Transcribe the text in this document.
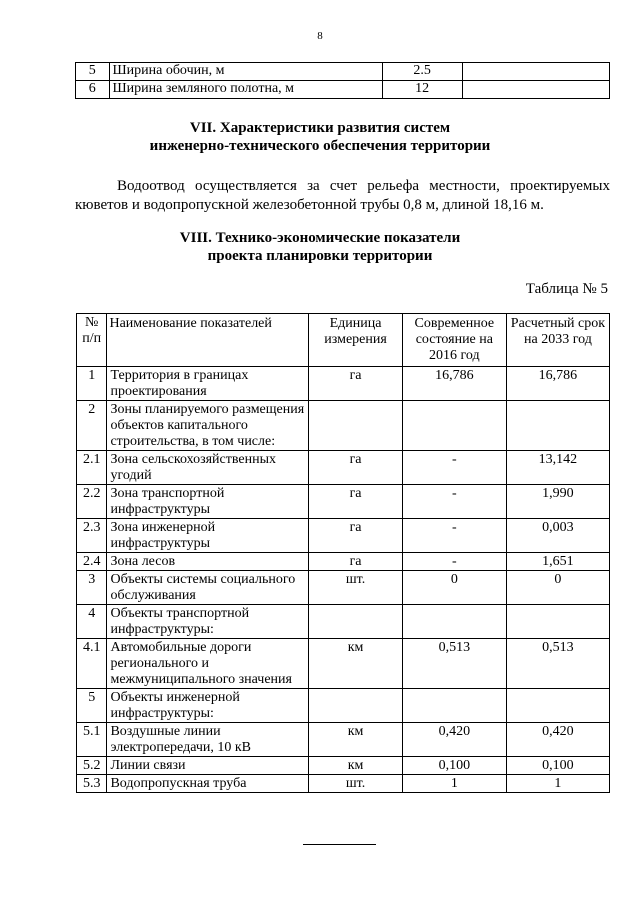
8
5	Ширина обочин, м	2.5	
6	Ширина земляного полотна, м	12	
VII. Характеристики развития систем
инженерно-технического обеспечения территории
Водоотвод осуществляется за счет рельефа местности, проектируемых кюветов и водопропускной железобетонной трубы 0,8 м, длиной 18,16 м.
VIII. Технико-экономические показатели
проекта планировки территории
Таблица № 5
№ п/п	Наименование показателей	Единица измерения	Современное состояние на 2016 год	Расчетный срок на 2033 год
1	Территория в границах проектирования	га	16,786	16,786
2	Зоны планируемого размещения объектов капитального строительства, в том числе:			
2.1	Зона сельскохозяйственных угодий	га	-	13,142
2.2	Зона транспортной инфраструктуры	га	-	1,990
2.3	Зона инженерной инфраструктуры	га	-	0,003
2.4	Зона лесов	га	-	1,651
3	Объекты системы социального обслуживания	шт.	0	0
4	Объекты транспортной инфраструктуры:			
4.1	Автомобильные дороги регионального и межмуниципального значения	км	0,513	0,513
5	Объекты инженерной инфраструктуры:			
5.1	Воздушные линии электропередачи, 10 кВ	км	0,420	0,420
5.2	Линии связи	км	0,100	0,100
5.3	Водопропускная труба	шт.	1	1
